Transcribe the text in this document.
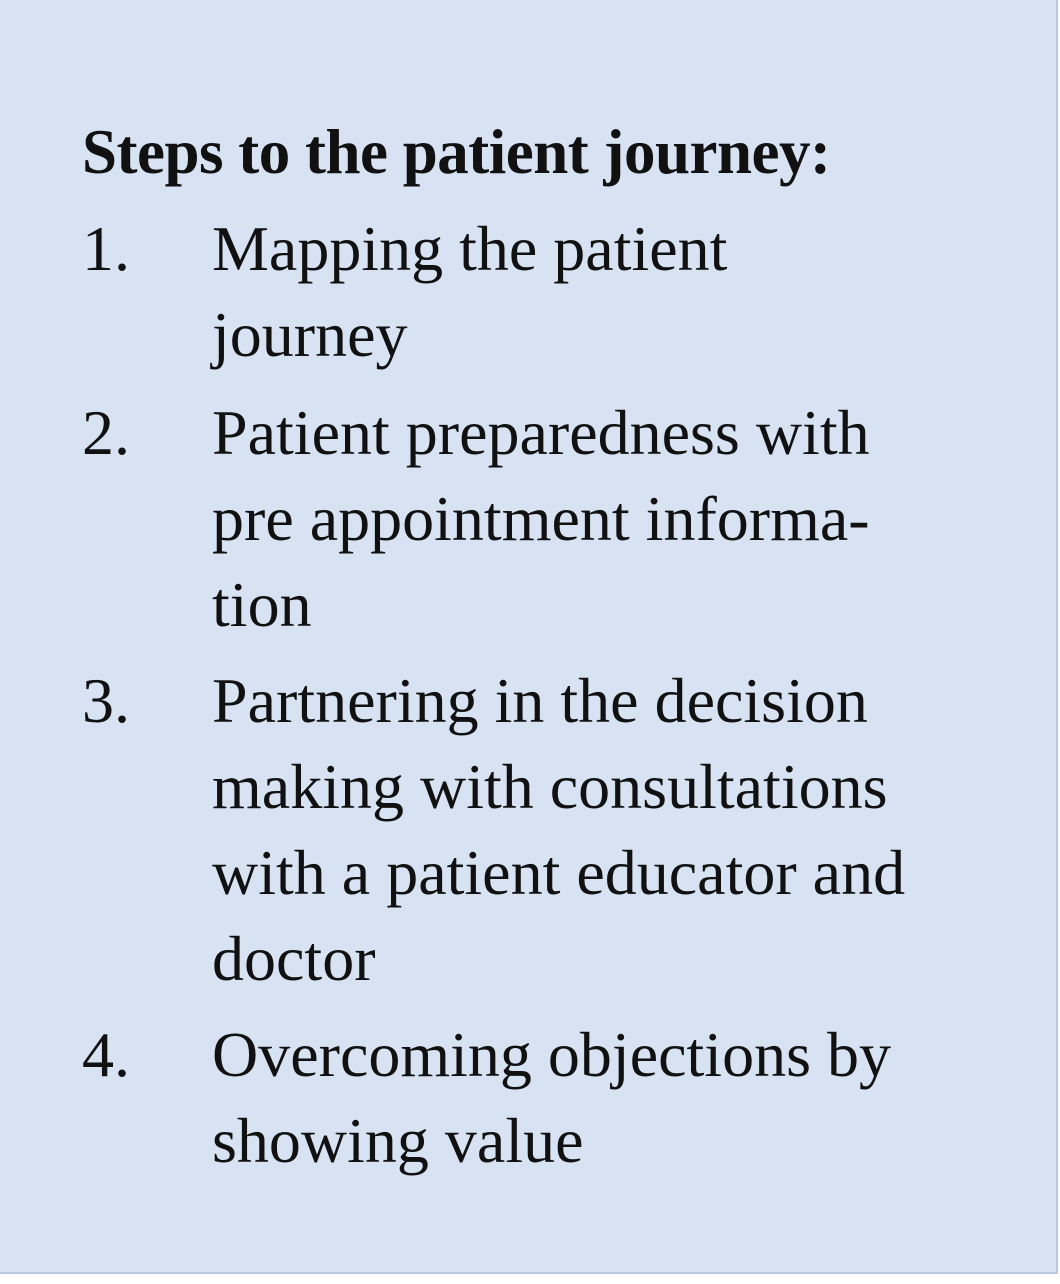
Steps to the patient journey:
1. Mapping the patient
journey
2. Patient preparedness with
pre appointment informa-
tion
3. Partnering in the decision
making with consultations
with a patient educator and
doctor
4. Overcoming objections by
showing value
